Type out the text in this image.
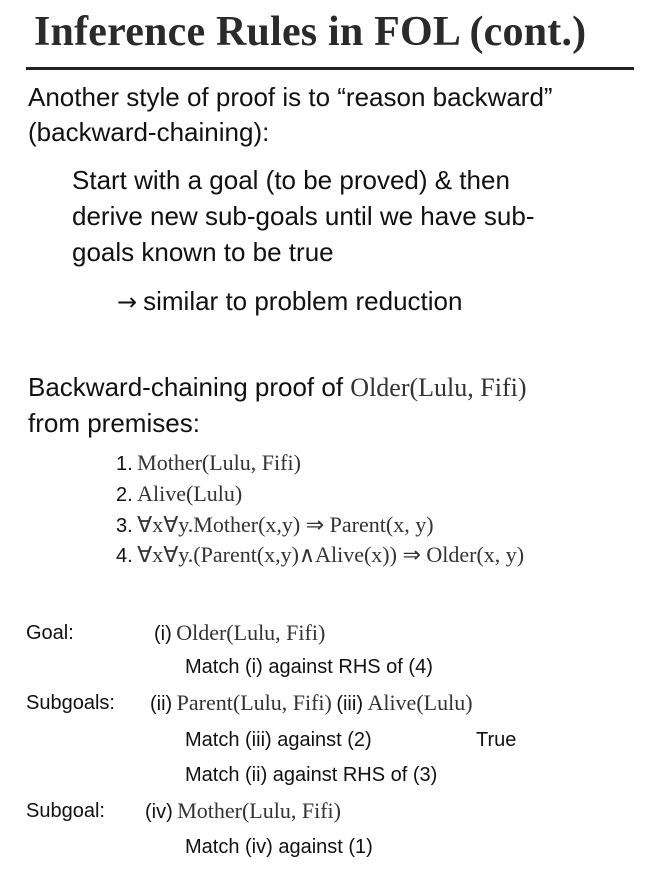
Inference Rules in FOL (cont.)
Another style of proof is to “reason backward”
(backward-chaining):
Start with a goal (to be proved) & then
derive new sub-goals until we have sub-
goals known to be true
→ similar to problem reduction
Backward-chaining proof of Older(Lulu, Fifi)
from premises:
1. Mother(Lulu, Fifi)
2. Alive(Lulu)
3. ∀x∀y.Mother(x,y) ⇒ Parent(x, y)
4. ∀x∀y.(Parent(x,y)∧Alive(x)) ⇒ Older(x, y)
Goal:	(i) Older(Lulu, Fifi)
Match (i) against RHS of (4)
Subgoals: (ii) Parent(Lulu, Fifi) (iii) Alive(Lulu)
Match (iii) against (2)	True
Match (ii) against RHS of (3)
Subgoal: (iv) Mother(Lulu, Fifi)
Match (iv) against (1)
